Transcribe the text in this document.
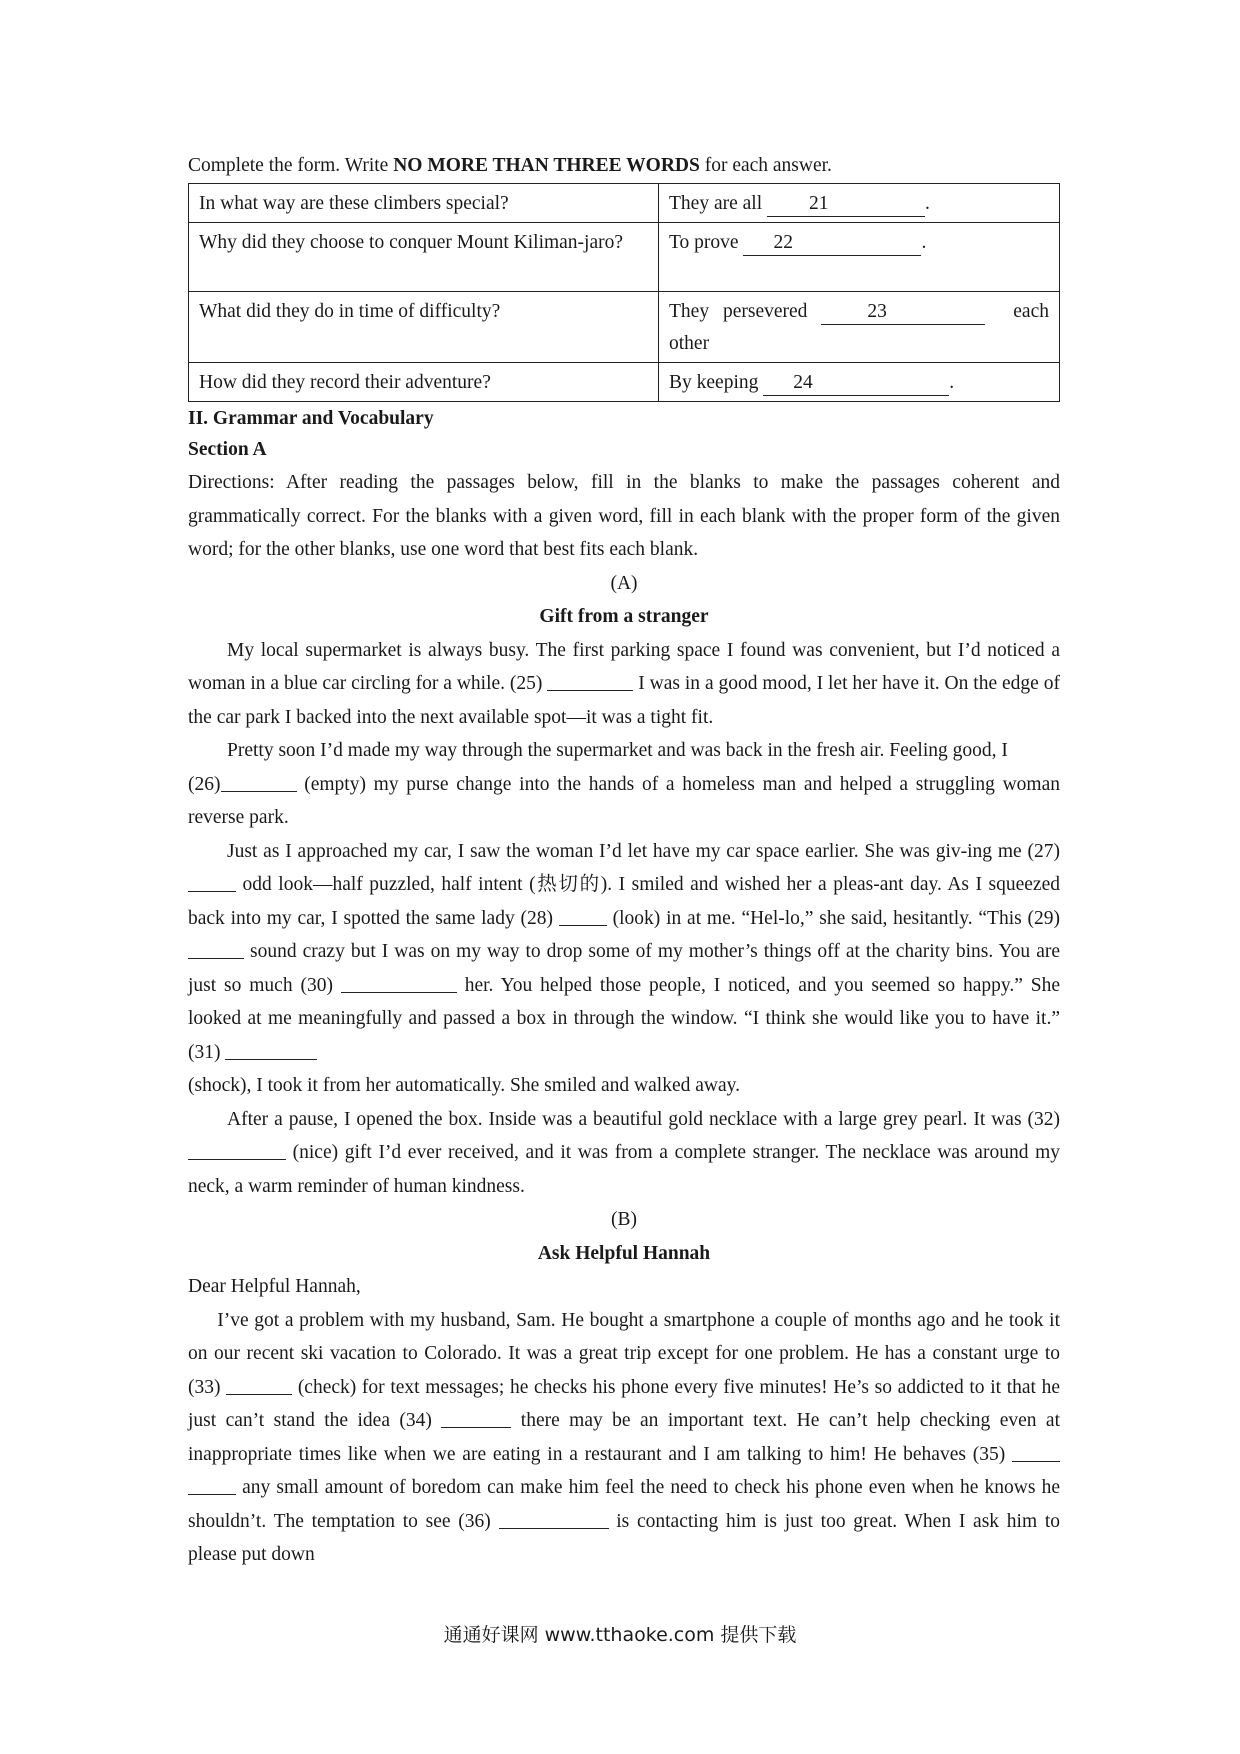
Complete the form. Write NO MORE THAN THREE WORDS for each answer.
In what way are these climbers special?	They are all 21 .
Why did they choose to conquer Mount Kiliman-jaro?	To prove 22 .
What did they do in time of difficulty?	They persevered 23 each other
How did they record their adventure?	By keeping 24 .
II. Grammar and Vocabulary
Section A

Directions: After reading the passages below, fill in the blanks to make the passages coherent and grammatically correct. For the blanks with a given word, fill in each blank with the proper form of the given word; for the other blanks, use one word that best fits each blank.

(A)

Gift from a stranger

My local supermarket is always busy. The first parking space I found was convenient, but I’d noticed a woman in a blue car circling for a while. (25)	I was in a good mood, I let her have it. On the edge of the car park I backed into the next available spot—it was a tight fit.

Pretty soon I’d made my way through the supermarket and was back in the fresh air. Feeling good, I

(26)	(empty) my purse change into the hands of a homeless man and helped a struggling woman reverse park.

Just as I approached my car, I saw the woman I’d let have my car space earlier. She was giv-ing me (27)  odd look—half puzzled, half intent (热切的). I smiled and wished her a pleas-ant day. As I squeezed back into my car, I spotted the same lady (28)  (look) in at me. “Hel-lo,” she said, hesitantly. “This (29)  sound crazy but I was on my way to drop some of my mother’s things off at the charity bins. You are just so much (30)	her. You helped those people, I noticed, and you seemed so happy.” She looked at me meaningfully and passed a box in through the window. “I think she would like you to have it.” (31)

(shock), I took it from her automatically. She smiled and walked away.

After a pause, I opened the box. Inside was a beautiful gold necklace with a large grey pearl. It was (32)  (nice) gift I’d ever received, and it was from a complete stranger. The necklace was around my neck, a warm reminder of human kindness.

(B)

Ask Helpful Hannah

Dear Helpful Hannah,

I’ve got a problem with my husband, Sam. He bought a smartphone a couple of months ago and he took it on our recent ski vacation to Colorado. It was a great trip except for one problem. He has a constant urge to (33)	(check) for text messages; he checks his phone every five minutes! He’s so addicted to it that he just can’t stand the idea (34)	there may be an important text. He can’t help checking even at inappropriate times like when we are eating in a restaurant and I am talking to him! He behaves (35)   any small amount of boredom can make him feel the need to check his phone even when he knows he shouldn’t. The temptation to see (36)	is contacting him is just too great. When I ask him to please put down

通通好课网 www.tthaoke.com 提供下载
